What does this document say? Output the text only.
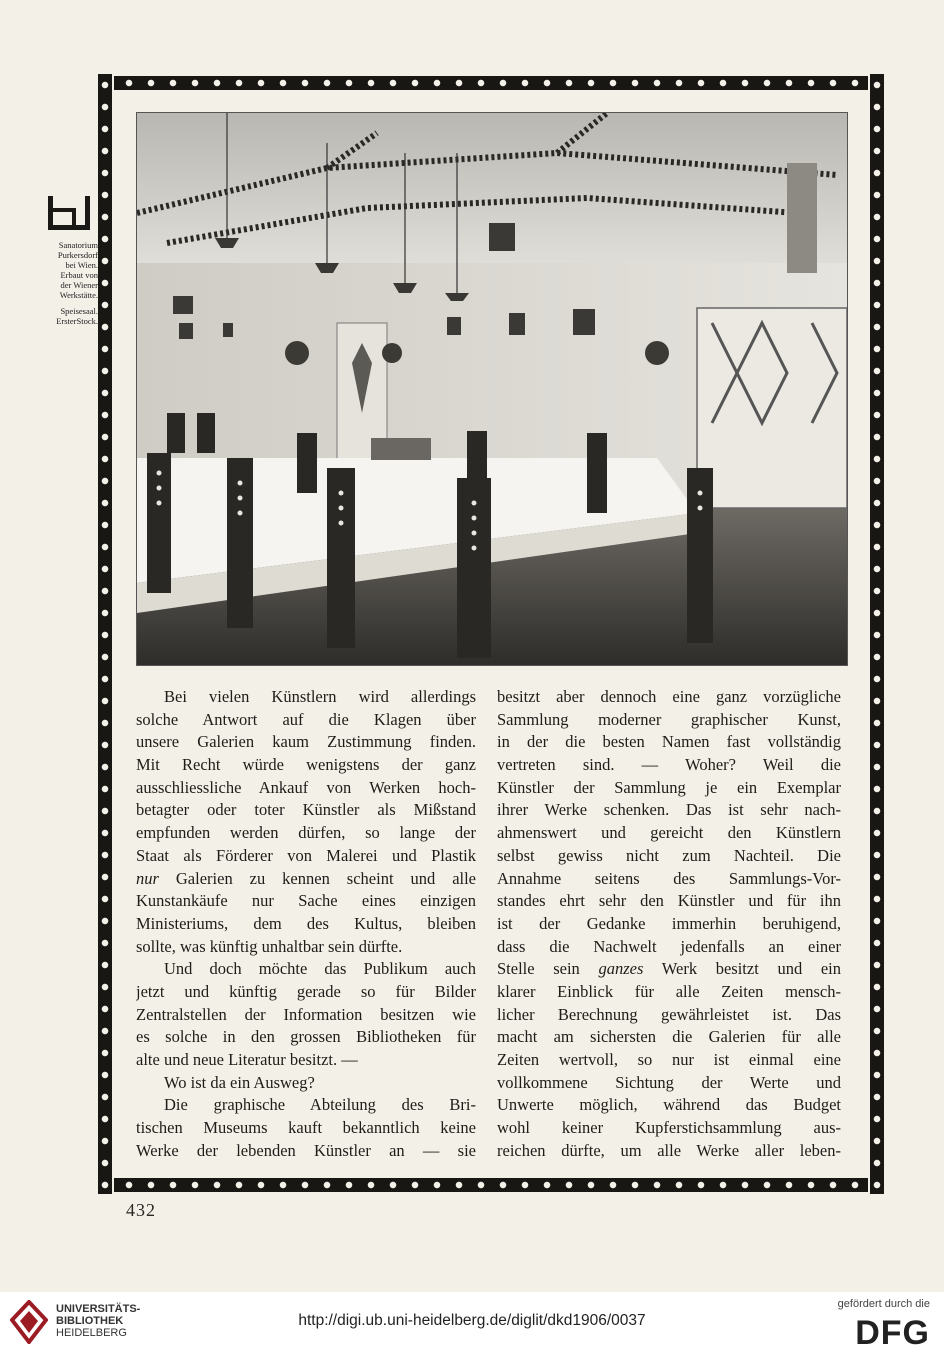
Sanatorium
Purkersdorf
bei Wien.
Erbaut von
der Wiener
Werkstätte.
Speisesaal.
ErsterStock.
Bei vielen Künstlern wird allerdings
solche Antwort auf die Klagen über
unsere Galerien kaum Zustimmung finden.
Mit Recht würde wenigstens der ganz
ausschliessliche Ankauf von Werken hoch-
betagter oder toter Künstler als Mißstand
empfunden werden dürfen, so lange der
Staat als Förderer von Malerei und Plastik
nur Galerien zu kennen scheint und alle
Kunstankäufe nur Sache eines einzigen
Ministeriums, dem des Kultus, bleiben
sollte, was künftig unhaltbar sein dürfte.
Und doch möchte das Publikum auch
jetzt und künftig gerade so für Bilder
Zentralstellen der Information besitzen wie
es solche in den grossen Bibliotheken für
alte und neue Literatur besitzt. —
Wo ist da ein Ausweg?
Die graphische Abteilung des Bri-
tischen Museums kauft bekanntlich keine
Werke der lebenden Künstler an — sie
besitzt aber dennoch eine ganz vorzügliche
Sammlung moderner graphischer Kunst,
in der die besten Namen fast vollständig
vertreten sind. — Woher? Weil die
Künstler der Sammlung je ein Exemplar
ihrer Werke schenken. Das ist sehr nach-
ahmenswert und gereicht den Künstlern
selbst gewiss nicht zum Nachteil. Die
Annahme seitens des Sammlungs-Vor-
standes ehrt sehr den Künstler und für ihn
ist der Gedanke immerhin beruhigend,
dass die Nachwelt jedenfalls an einer
Stelle sein ganzes Werk besitzt und ein
klarer Einblick für alle Zeiten mensch-
licher Berechnung gewährleistet ist. Das
macht am sichersten die Galerien für alle
Zeiten wertvoll, so nur ist einmal eine
vollkommene Sichtung der Werte und
Unwerte möglich, während das Budget
wohl keiner Kupferstichsammlung aus-
reichen dürfte, um alle Werke aller leben-
432
UNIVERSITÄTS-
BIBLIOTHEK
HEIDELBERG
http://digi.ub.uni-heidelberg.de/diglit/dkd1906/0037
gefördert durch die
DFG
